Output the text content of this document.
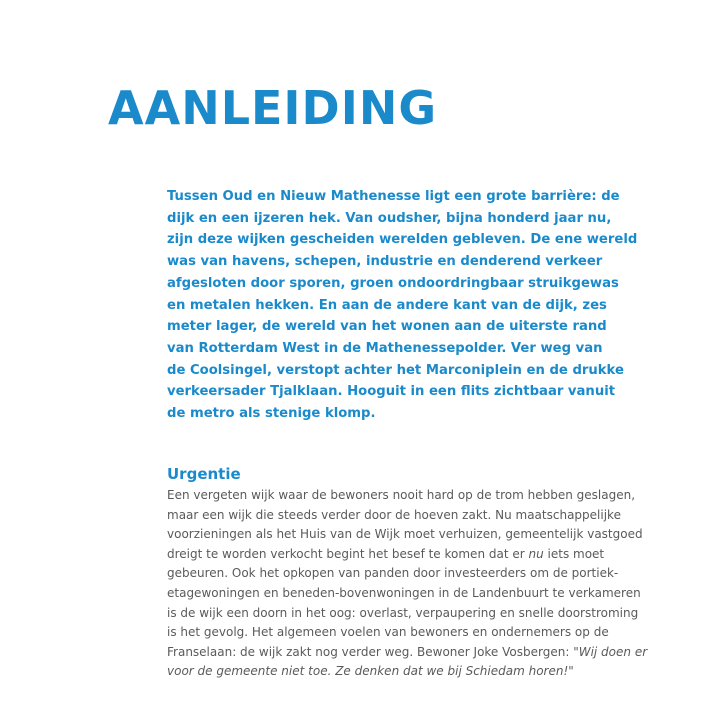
AANLEIDING

Tussen Oud en Nieuw Mathenesse ligt een grote barrière: de
dijk en een ijzeren hek. Van oudsher, bijna honderd jaar nu,
zijn deze wijken gescheiden werelden gebleven. De ene wereld
was van havens, schepen, industrie en denderend verkeer
afgesloten door sporen, groen ondoordringbaar struikgewas
en metalen hekken. En aan de andere kant van de dijk, zes
meter lager, de wereld van het wonen aan de uiterste rand
van Rotterdam West in de Mathenessepolder. Ver weg van
de Coolsingel, verstopt achter het Marconiplein en de drukke
verkeersader Tjalklaan. Hooguit in een flits zichtbaar vanuit
de metro als stenige klomp.

Urgentie

Een vergeten wijk waar de bewoners nooit hard op de trom hebben geslagen,
maar een wijk die steeds verder door de hoeven zakt. Nu maatschappelijke
voorzieningen als het Huis van de Wijk moet verhuizen, gemeentelijk vastgoed
dreigt te worden verkocht begint het besef te komen dat er nu iets moet
gebeuren. Ook het opkopen van panden door investeerders om de portiek-
etagewoningen en beneden-bovenwoningen in de Landenbuurt te verkameren
is de wijk een doorn in het oog: overlast, verpaupering en snelle doorstroming
is het gevolg. Het algemeen voelen van bewoners en ondernemers op de
Franselaan: de wijk zakt nog verder weg. Bewoner Joke Vosbergen: "Wij doen er
voor de gemeente niet toe. Ze denken dat we bij Schiedam horen!"
